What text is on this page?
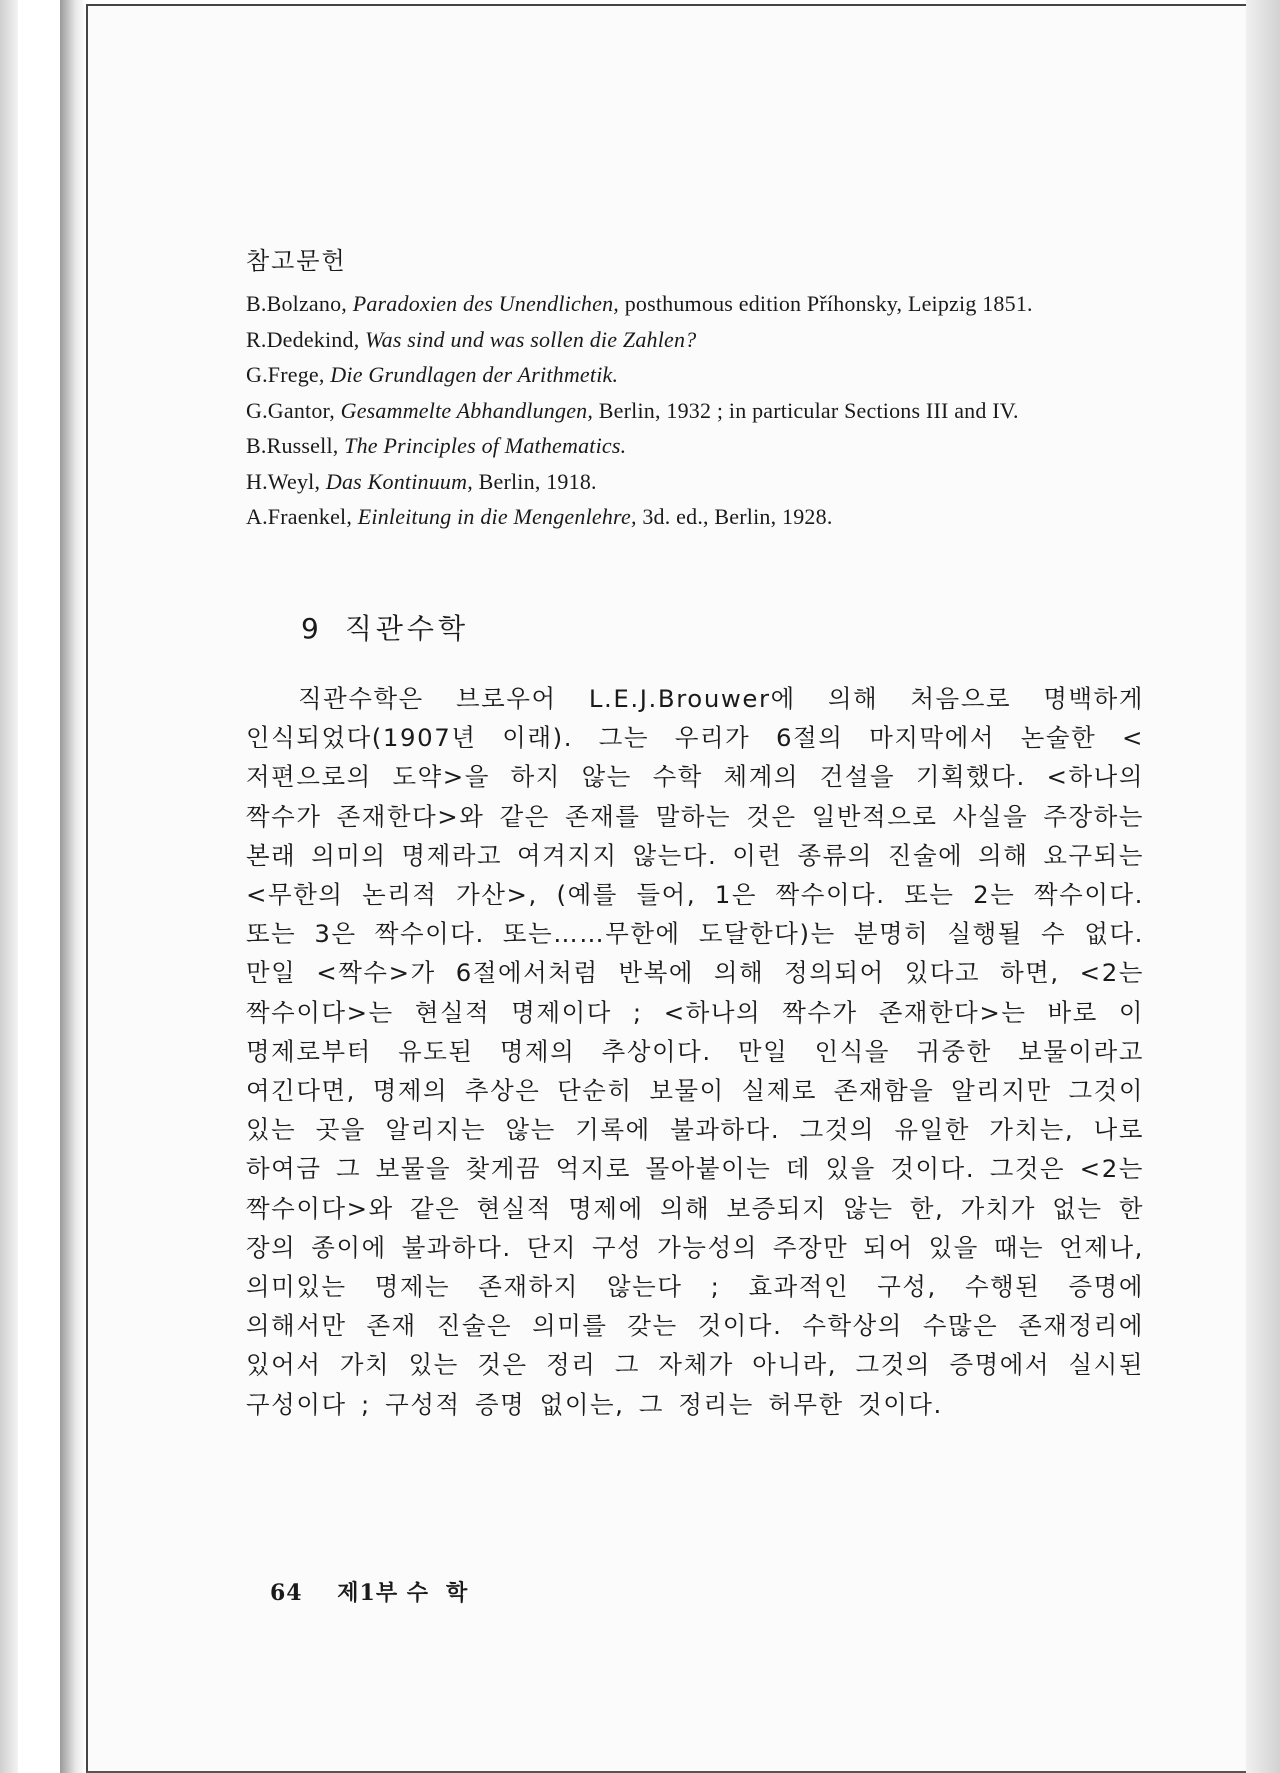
참고문헌
B.Bolzano, Paradoxien des Unendlichen, posthumous edition Příhonsky, Leipzig 1851.
R.Dedekind, Was sind und was sollen die Zahlen?
G.Frege, Die Grundlagen der Arithmetik.
G.Gantor, Gesammelte Abhandlungen, Berlin, 1932 ; in particular Sections III and IV.
B.Russell, The Principles of Mathematics.
H.Weyl, Das Kontinuum, Berlin, 1918.
A.Fraenkel, Einleitung in die Mengenlehre, 3d. ed., Berlin, 1928.
9 직관수학

직관수학은 브로우어 L.E.J.Brouwer에 의해 처음으로 명백하게 인식되었다(1907년 이래). 그는 우리가 6절의 마지막에서 논술한 <저편으로의 도약>을 하지 않는 수학 체계의 건설을 기획했다. <하나의 짝수가 존재한다>와 같은 존재를 말하는 것은 일반적으로 사실을 주장하는 본래 의미의 명제라고 여겨지지 않는다. 이런 종류의 진술에 의해 요구되는 <무한의 논리적 가산>, (예를 들어, 1은 짝수이다. 또는 2는 짝수이다. 또는 3은 짝수이다. 또는……무한에 도달한다)는 분명히 실행될 수 없다. 만일 <짝수>가 6절에서처럼 반복에 의해 정의되어 있다고 하면, <2는 짝수이다>는 현실적 명제이다 ; <하나의 짝수가 존재한다>는 바로 이 명제로부터 유도된 명제의 추상이다. 만일 인식을 귀중한 보물이라고 여긴다면, 명제의 추상은 단순히 보물이 실제로 존재함을 알리지만 그것이 있는 곳을 알리지는 않는 기록에 불과하다. 그것의 유일한 가치는, 나로 하여금 그 보물을 찾게끔 억지로 몰아붙이는 데 있을 것이다. 그것은 <2는 짝수이다>와 같은 현실적 명제에 의해 보증되지 않는 한, 가치가 없는 한 장의 종이에 불과하다. 단지 구성 가능성의 주장만 되어 있을 때는 언제나, 의미있는 명제는 존재하지 않는다 ; 효과적인 구성, 수행된 증명에 의해서만 존재 진술은 의미를 갖는 것이다. 수학상의 수많은 존재정리에 있어서 가치 있는 것은 정리 그 자체가 아니라, 그것의 증명에서 실시된 구성이다 ; 구성적 증명 없이는, 그 정리는 허무한 것이다.

64 제1부 수학
